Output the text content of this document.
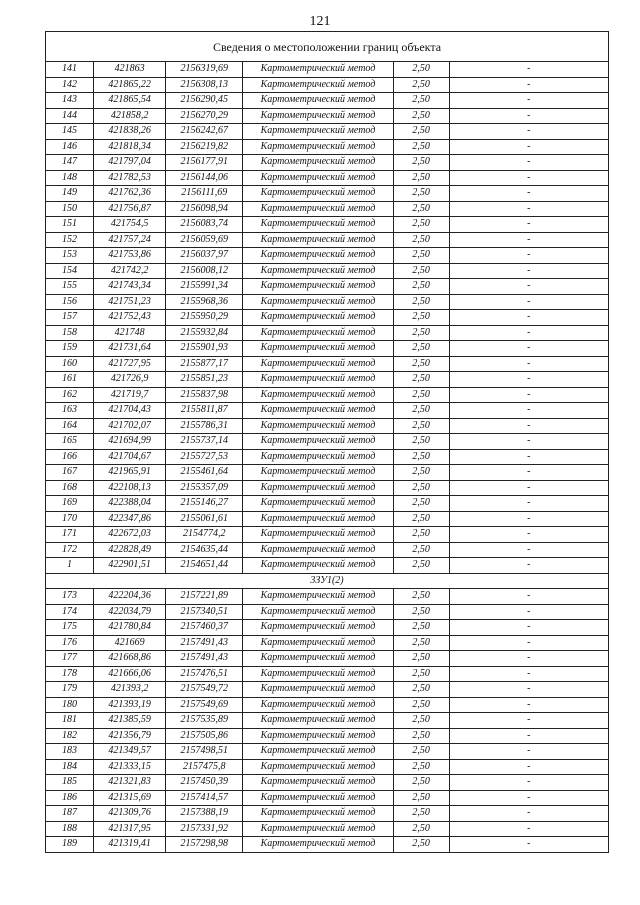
121
Сведения о местоположении границ объекта					
141	421863	2156319,69	Картометрический метод	2,50	-
142	421865,22	2156308,13	Картометрический метод	2,50	-
143	421865,54	2156290,45	Картометрический метод	2,50	-
144	421858,2	2156270,29	Картометрический метод	2,50	-
145	421838,26	2156242,67	Картометрический метод	2,50	-
146	421818,34	2156219,82	Картометрический метод	2,50	-
147	421797,04	2156177,91	Картометрический метод	2,50	-
148	421782,53	2156144,06	Картометрический метод	2,50	-
149	421762,36	2156111,69	Картометрический метод	2,50	-
150	421756,87	2156098,94	Картометрический метод	2,50	-
151	421754,5	2156083,74	Картометрический метод	2,50	-
152	421757,24	2156059,69	Картометрический метод	2,50	-
153	421753,86	2156037,97	Картометрический метод	2,50	-
154	421742,2	2156008,12	Картометрический метод	2,50	-
155	421743,34	2155991,34	Картометрический метод	2,50	-
156	421751,23	2155968,36	Картометрический метод	2,50	-
157	421752,43	2155950,29	Картометрический метод	2,50	-
158	421748	2155932,84	Картометрический метод	2,50	-
159	421731,64	2155901,93	Картометрический метод	2,50	-
160	421727,95	2155877,17	Картометрический метод	2,50	-
161	421726,9	2155851,23	Картометрический метод	2,50	-
162	421719,7	2155837,98	Картометрический метод	2,50	-
163	421704,43	2155811,87	Картометрический метод	2,50	-
164	421702,07	2155786,31	Картометрический метод	2,50	-
165	421694,99	2155737,14	Картометрический метод	2,50	-
166	421704,67	2155727,53	Картометрический метод	2,50	-
167	421965,91	2155461,64	Картометрический метод	2,50	-
168	422108,13	2155357,09	Картометрический метод	2,50	-
169	422388,04	2155146,27	Картометрический метод	2,50	-
170	422347,86	2155061,61	Картометрический метод	2,50	-
171	422672,03	2154774,2	Картометрический метод	2,50	-
172	422828,49	2154635,44	Картометрический метод	2,50	-
1	422901,51	2154651,44	Картометрический метод	2,50	-
3ЗУ1(2)					
173	422204,36	2157221,89	Картометрический метод	2,50	-
174	422034,79	2157340,51	Картометрический метод	2,50	-
175	421780,84	2157460,37	Картометрический метод	2,50	-
176	421669	2157491,43	Картометрический метод	2,50	-
177	421668,86	2157491,43	Картометрический метод	2,50	-
178	421666,06	2157476,51	Картометрический метод	2,50	-
179	421393,2	2157549,72	Картометрический метод	2,50	-
180	421393,19	2157549,69	Картометрический метод	2,50	-
181	421385,59	2157535,89	Картометрический метод	2,50	-
182	421356,79	2157505,86	Картометрический метод	2,50	-
183	421349,57	2157498,51	Картометрический метод	2,50	-
184	421333,15	2157475,8	Картометрический метод	2,50	-
185	421321,83	2157450,39	Картометрический метод	2,50	-
186	421315,69	2157414,57	Картометрический метод	2,50	-
187	421309,76	2157388,19	Картометрический метод	2,50	-
188	421317,95	2157331,92	Картометрический метод	2,50	-
189	421319,41	2157298,98	Картометрический метод	2,50	-
